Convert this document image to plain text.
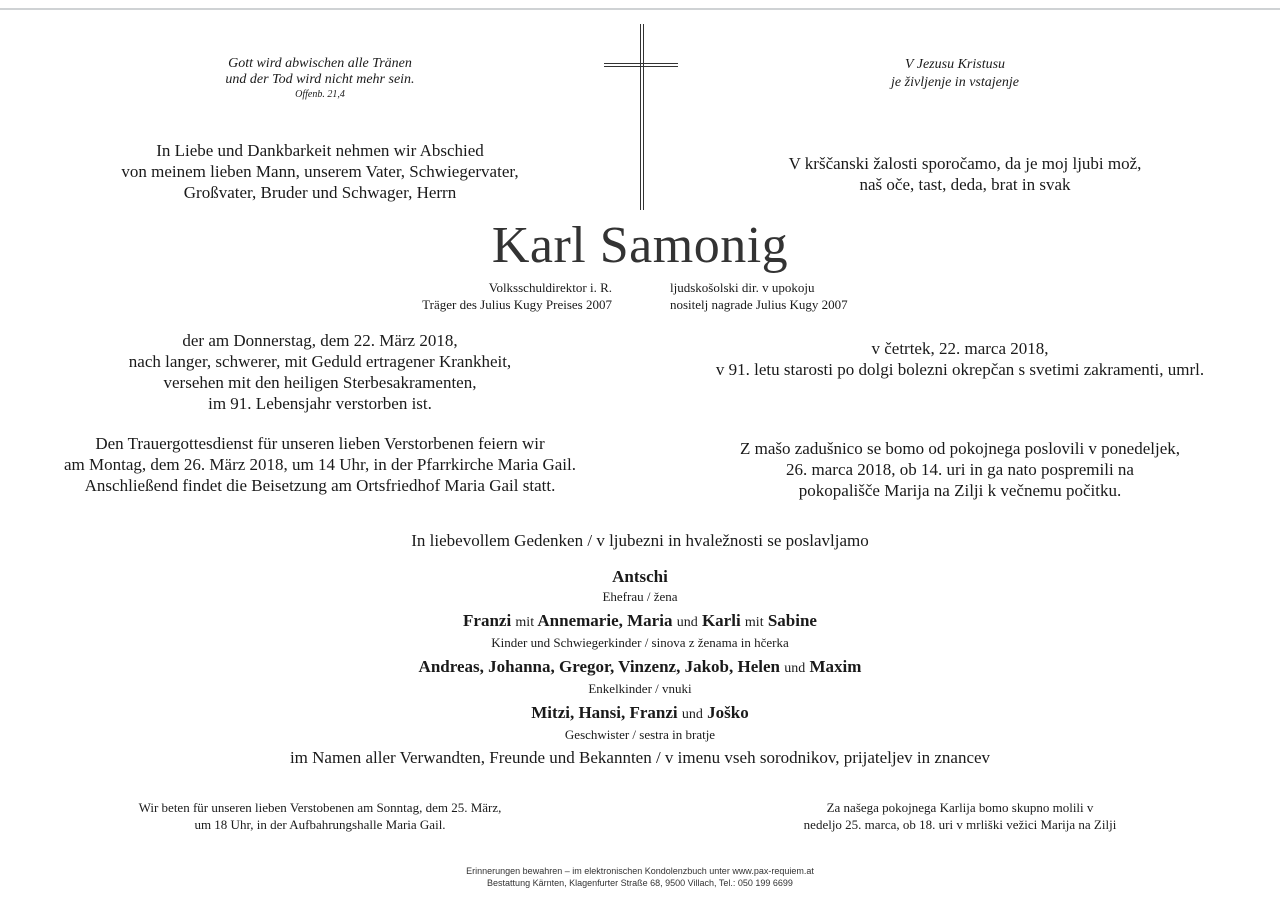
Gott wird abwischen alle Tränen
und der Tod wird nicht mehr sein.
Offenb. 21,4
V Jezusu Kristusu
je življenje in vstajenje
In Liebe und Dankbarkeit nehmen wir Abschied
von meinem lieben Mann, unserem Vater, Schwiegervater,
Großvater, Bruder und Schwager, Herrn
V krščanski žalosti sporočamo, da je moj ljubi mož,
naš oče, tast, deda, brat in svak
Karl Samonig
Volksschuldirektor i. R.
Träger des Julius Kugy Preises 2007
ljudskošolski dir. v upokoju
nositelj nagrade Julius Kugy 2007
der am Donnerstag, dem 22. März 2018,
nach langer, schwerer, mit Geduld ertragener Krankheit,
versehen mit den heiligen Sterbesakramenten,
im 91. Lebensjahr verstorben ist.
v četrtek, 22. marca 2018,
v 91. letu starosti po dolgi bolezni okrepčan s svetimi zakramenti, umrl.
Den Trauergottesdienst für unseren lieben Verstorbenen feiern wir
am Montag, dem 26. März 2018, um 14 Uhr, in der Pfarrkirche Maria Gail.
Anschließend findet die Beisetzung am Ortsfriedhof Maria Gail statt.
Z mašo zadušnico se bomo od pokojnega poslovili v ponedeljek,
26. marca 2018, ob 14. uri in ga nato pospremili na
pokopališče Marija na Zilji k večnemu počitku.
In liebevollem Gedenken / v ljubezni in hvaležnosti se poslavljamo
Antschi
Ehefrau / žena
Franzi mit Annemarie, Maria und Karli mit Sabine
Kinder und Schwiegerkinder / sinova z ženama in hčerka
Andreas, Johanna, Gregor, Vinzenz, Jakob, Helen und Maxim
Enkelkinder / vnuki
Mitzi, Hansi, Franzi und Joško
Geschwister / sestra in bratje
im Namen aller Verwandten, Freunde und Bekannten / v imenu vseh sorodnikov, prijateljev in znancev
Wir beten für unseren lieben Verstobenen am Sonntag, dem 25. März,
um 18 Uhr, in der Aufbahrungshalle Maria Gail.
Za našega pokojnega Karlija bomo skupno molili v
nedeljo 25. marca, ob 18. uri v mrliški vežici Marija na Zilji
Erinnerungen bewahren – im elektronischen Kondolenzbuch unter www.pax-requiem.at
Bestattung Kärnten, Klagenfurter Straße 68, 9500 Villach, Tel.: 050 199 6699
